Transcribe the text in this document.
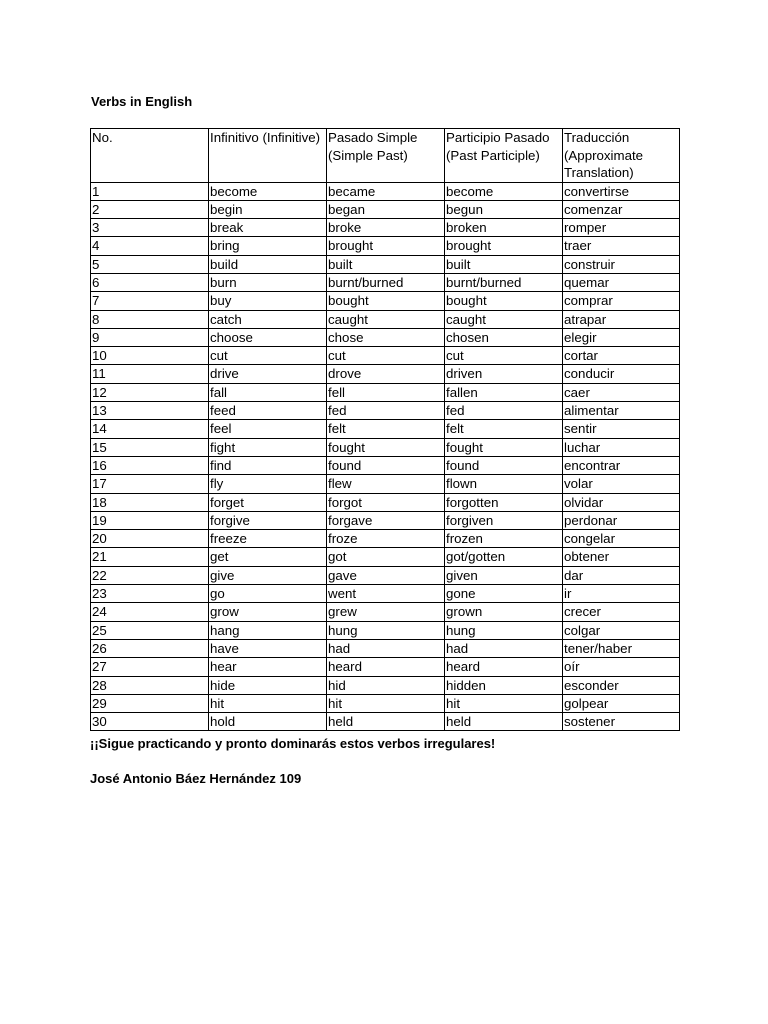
Verbs in English
No.	Infinitivo (Infinitive)	Pasado Simple (Simple Past)	Participio Pasado (Past Participle)	Traducción (Approximate Translation)
1	become	became	become	convertirse
2	begin	began	begun	comenzar
3	break	broke	broken	romper
4	bring	brought	brought	traer
5	build	built	built	construir
6	burn	burnt/burned	burnt/burned	quemar
7	buy	bought	bought	comprar
8	catch	caught	caught	atrapar
9	choose	chose	chosen	elegir
10	cut	cut	cut	cortar
11	drive	drove	driven	conducir
12	fall	fell	fallen	caer
13	feed	fed	fed	alimentar
14	feel	felt	felt	sentir
15	fight	fought	fought	luchar
16	find	found	found	encontrar
17	fly	flew	flown	volar
18	forget	forgot	forgotten	olvidar
19	forgive	forgave	forgiven	perdonar
20	freeze	froze	frozen	congelar
21	get	got	got/gotten	obtener
22	give	gave	given	dar
23	go	went	gone	ir
24	grow	grew	grown	crecer
25	hang	hung	hung	colgar
26	have	had	had	tener/haber
27	hear	heard	heard	oír
28	hide	hid	hidden	esconder
29	hit	hit	hit	golpear
30	hold	held	held	sostener

¡¡Sigue practicando y pronto dominarás estos verbos irregulares!

José Antonio Báez Hernández 109
